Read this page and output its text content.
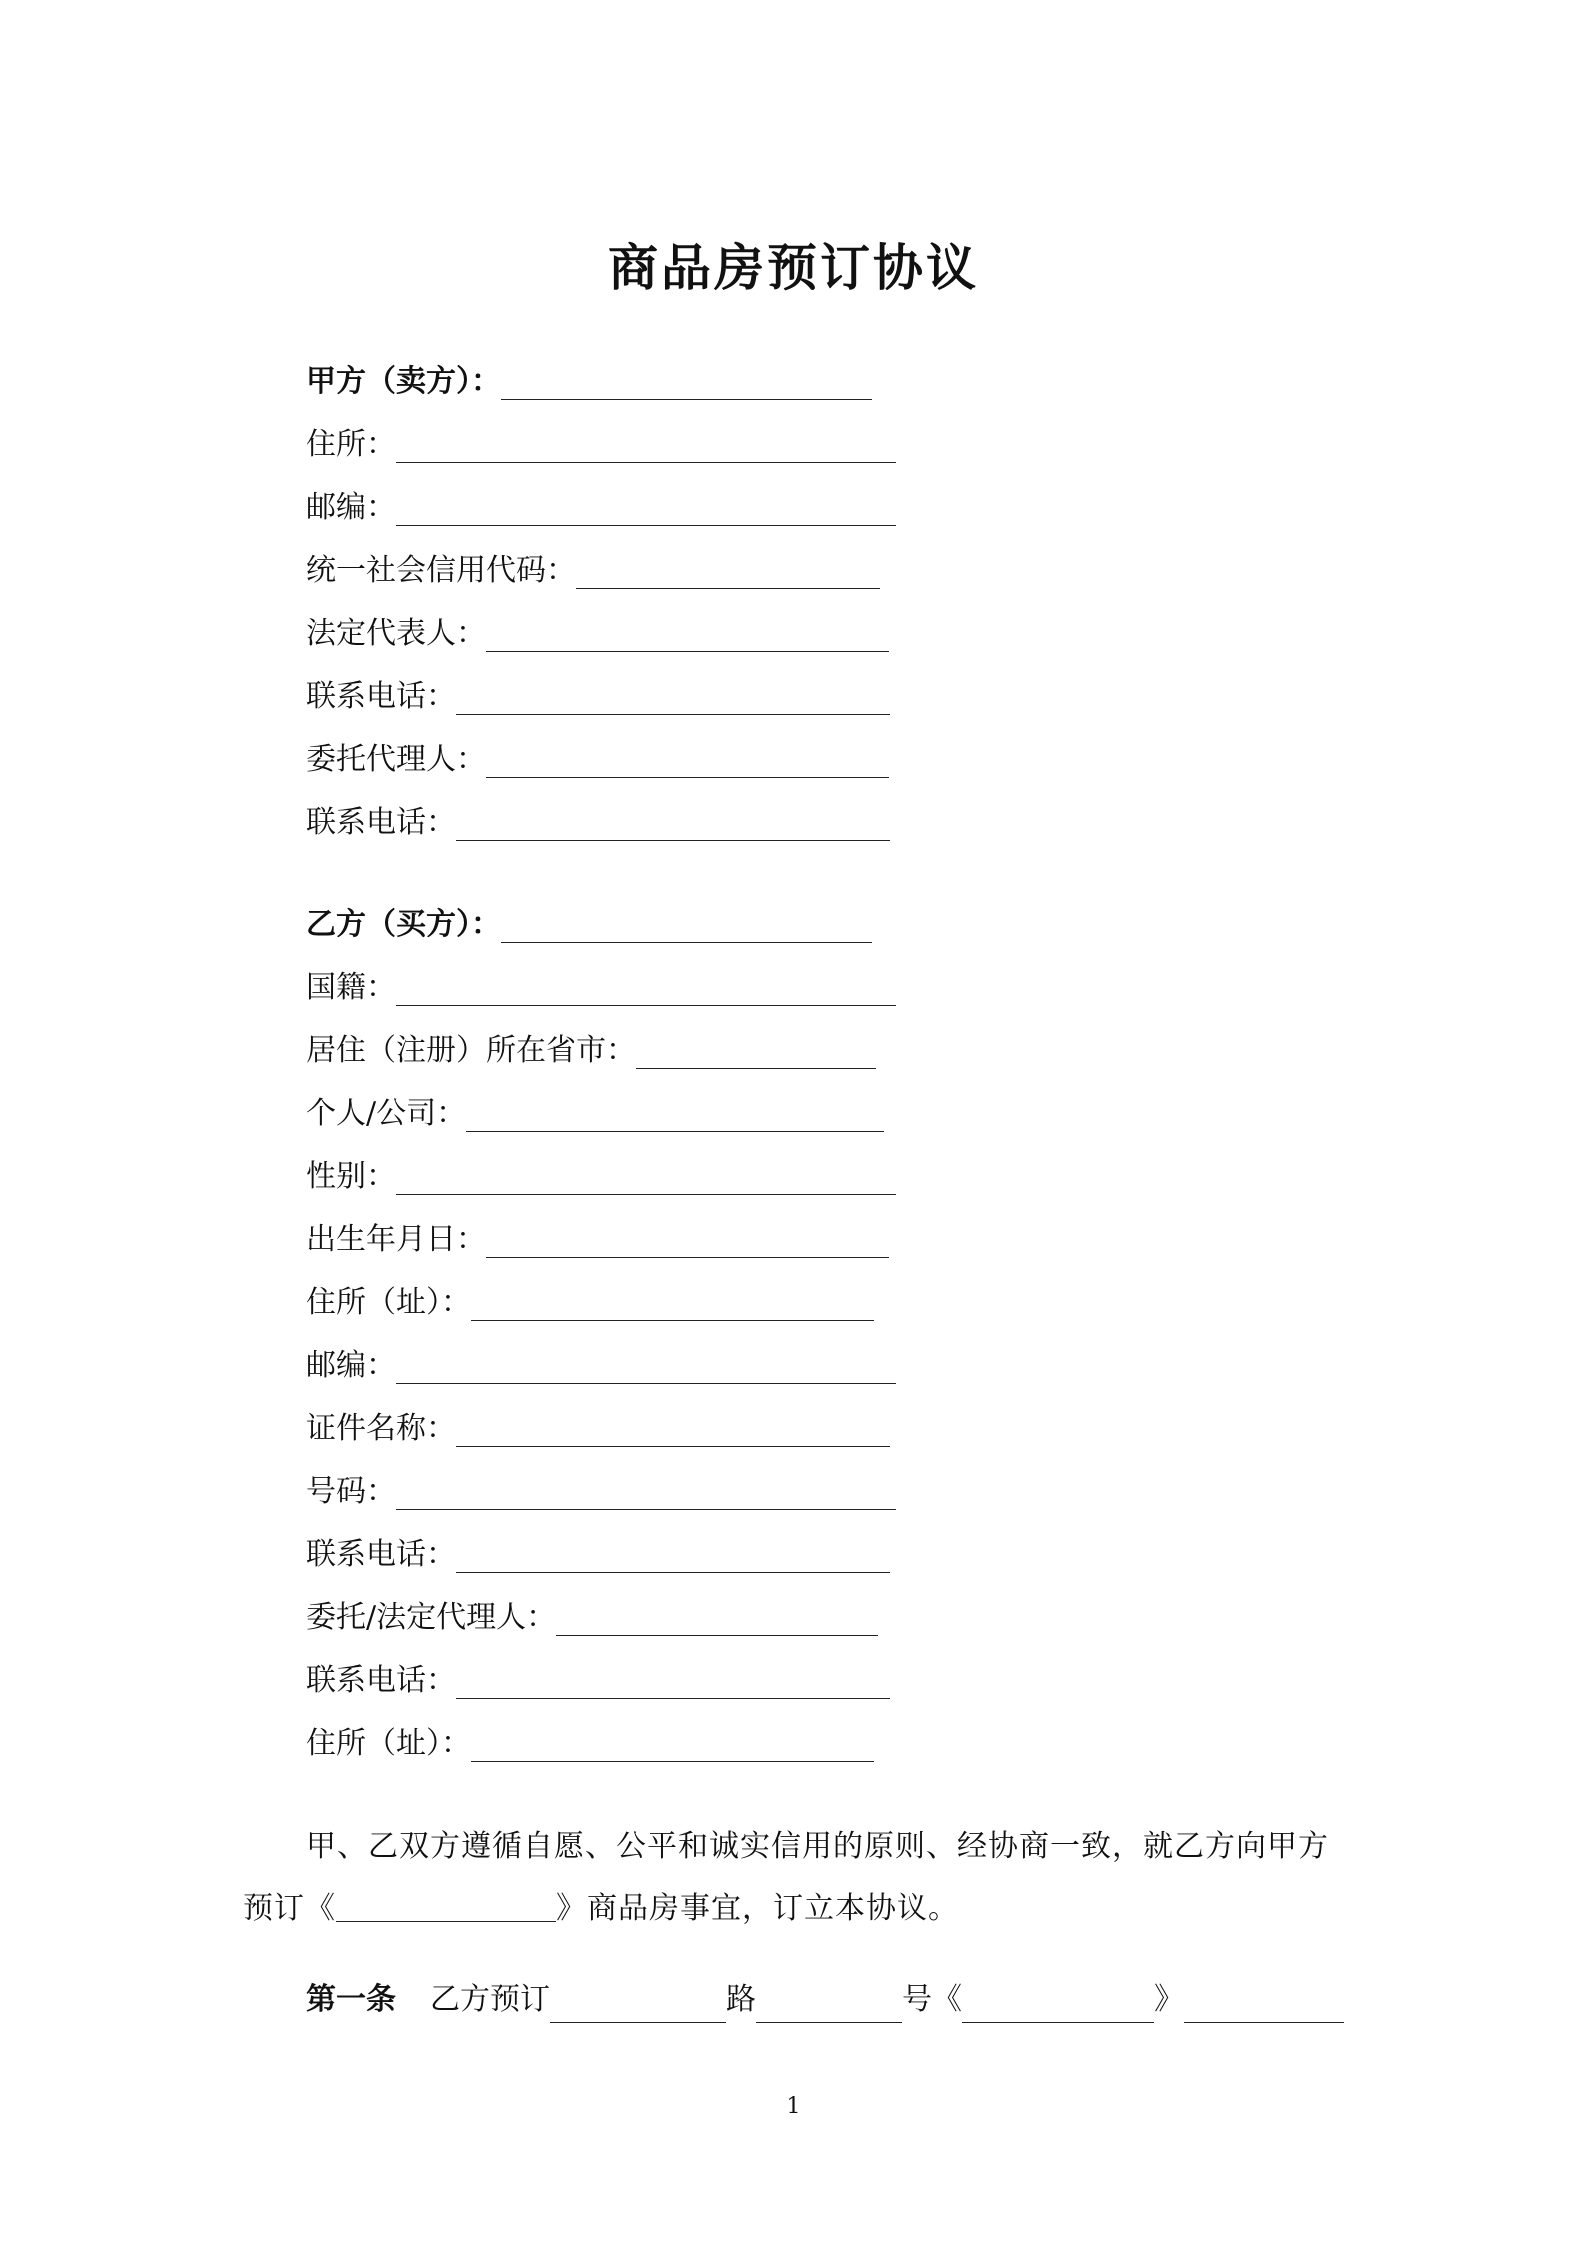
商品房预订协议
甲方（卖方）：
住所：
邮编：
统一社会信用代码：
法定代表人：
联系电话：
委托代理人：
联系电话：
乙方（买方）：
国籍：
居住（注册）所在省市：
个人/公司：
性别：
出生年月日：
住所（址）：
邮编：
证件名称：
号码：
联系电话：
委托/法定代理人：
联系电话：
住所（址）：
甲、乙双方遵循自愿、公平和诚实信用的原则、经协商一致，就乙方向甲方预订《	》商品房事宜，订立本协议。
第一条 乙方预订	路	号《	》
1
